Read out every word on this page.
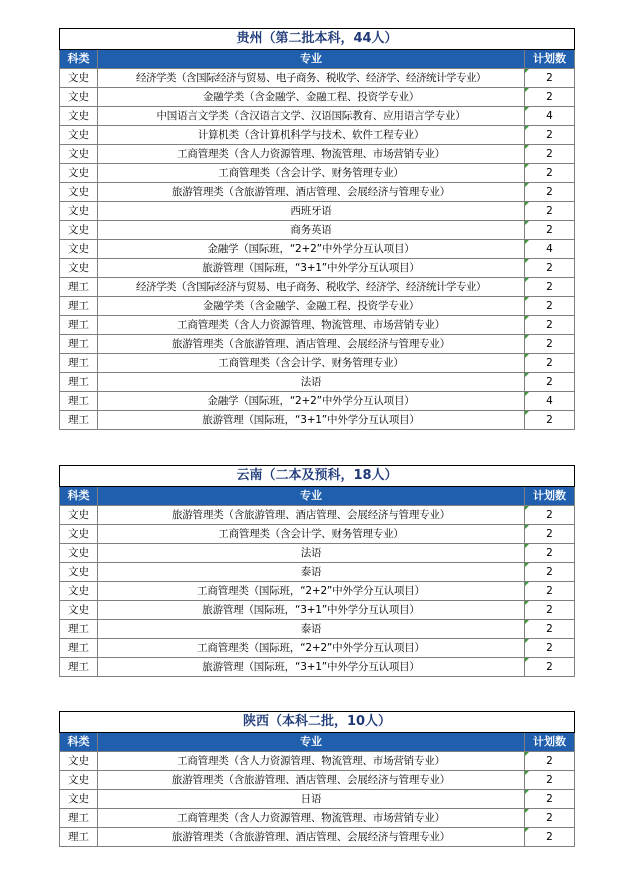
贵州（第二批本科，44人）		
科类	专业	计划数
文史	经济学类（含国际经济与贸易、电子商务、税收学、经济学、经济统计学专业）	2
文史	金融学类（含金融学、金融工程、投资学专业）	2
文史	中国语言文学类（含汉语言文学、汉语国际教育、应用语言学专业）	4
文史	计算机类（含计算机科学与技术、软件工程专业）	2
文史	工商管理类（含人力资源管理、物流管理、市场营销专业）	2
文史	工商管理类（含会计学、财务管理专业）	2
文史	旅游管理类（含旅游管理、酒店管理、会展经济与管理专业）	2
文史	西班牙语	2
文史	商务英语	2
文史	金融学（国际班，“2+2”中外学分互认项目）	4
文史	旅游管理（国际班，“3+1”中外学分互认项目）	2
理工	经济学类（含国际经济与贸易、电子商务、税收学、经济学、经济统计学专业）	2
理工	金融学类（含金融学、金融工程、投资学专业）	2
理工	工商管理类（含人力资源管理、物流管理、市场营销专业）	2
理工	旅游管理类（含旅游管理、酒店管理、会展经济与管理专业）	2
理工	工商管理类（含会计学、财务管理专业）	2
理工	法语	2
理工	金融学（国际班，“2+2”中外学分互认项目）	4
理工	旅游管理（国际班，“3+1”中外学分互认项目）	2
云南（二本及预科，18人）		
科类	专业	计划数
文史	旅游管理类（含旅游管理、酒店管理、会展经济与管理专业）	2
文史	工商管理类（含会计学、财务管理专业）	2
文史	法语	2
文史	泰语	2
文史	工商管理类（国际班，“2+2”中外学分互认项目）	2
文史	旅游管理（国际班，“3+1”中外学分互认项目）	2
理工	泰语	2
理工	工商管理类（国际班，“2+2”中外学分互认项目）	2
理工	旅游管理（国际班，“3+1”中外学分互认项目）	2
陕西（本科二批，10人）		
科类	专业	计划数
文史	工商管理类（含人力资源管理、物流管理、市场营销专业）	2
文史	旅游管理类（含旅游管理、酒店管理、会展经济与管理专业）	2
文史	日语	2
理工	工商管理类（含人力资源管理、物流管理、市场营销专业）	2
理工	旅游管理类（含旅游管理、酒店管理、会展经济与管理专业）	2
